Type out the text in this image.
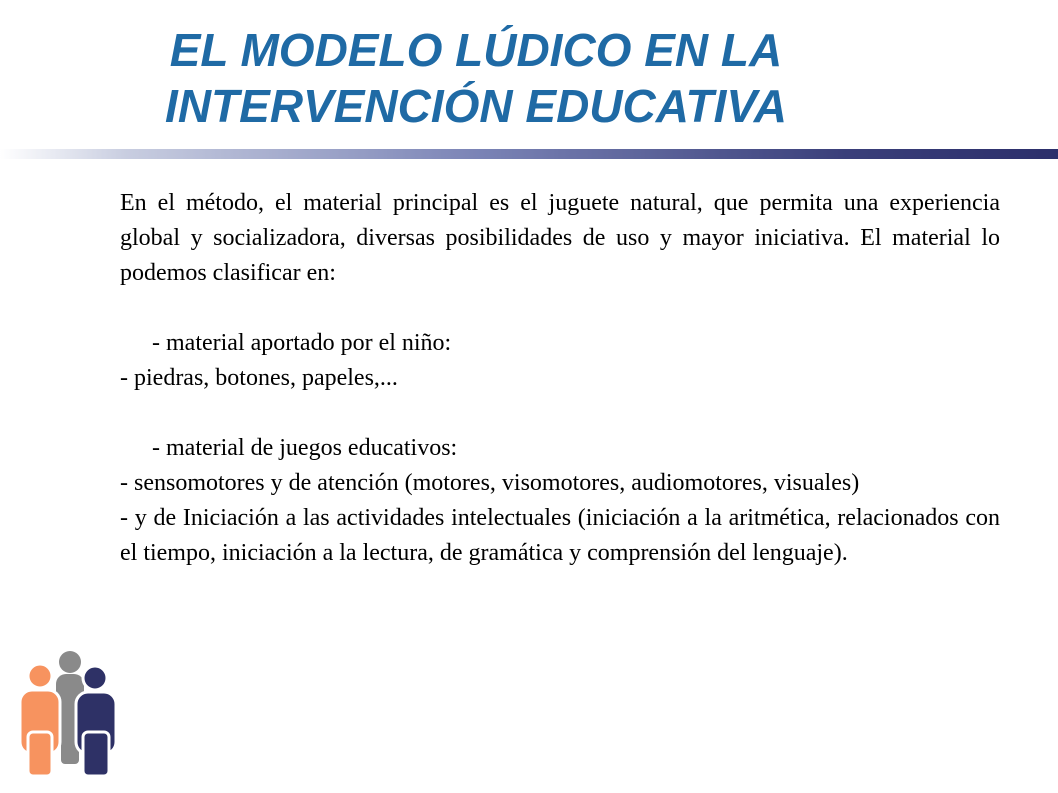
EL MODELO LÚDICO EN LA
INTERVENCIÓN EDUCATIVA

En el método, el material principal es el juguete natural, que permita una experiencia global y socializadora, diversas posibilidades de uso y mayor iniciativa. El material lo podemos clasificar en:

- material aportado por el niño:

- piedras, botones, papeles,...

- material de juegos educativos:

- sensomotores y de atención (motores, visomotores, audiomotores, visuales)

- y de Iniciación a las actividades intelectuales (iniciación a la aritmética, relacionados con el tiempo, iniciación a la lectura, de gramática y comprensión del lenguaje).
